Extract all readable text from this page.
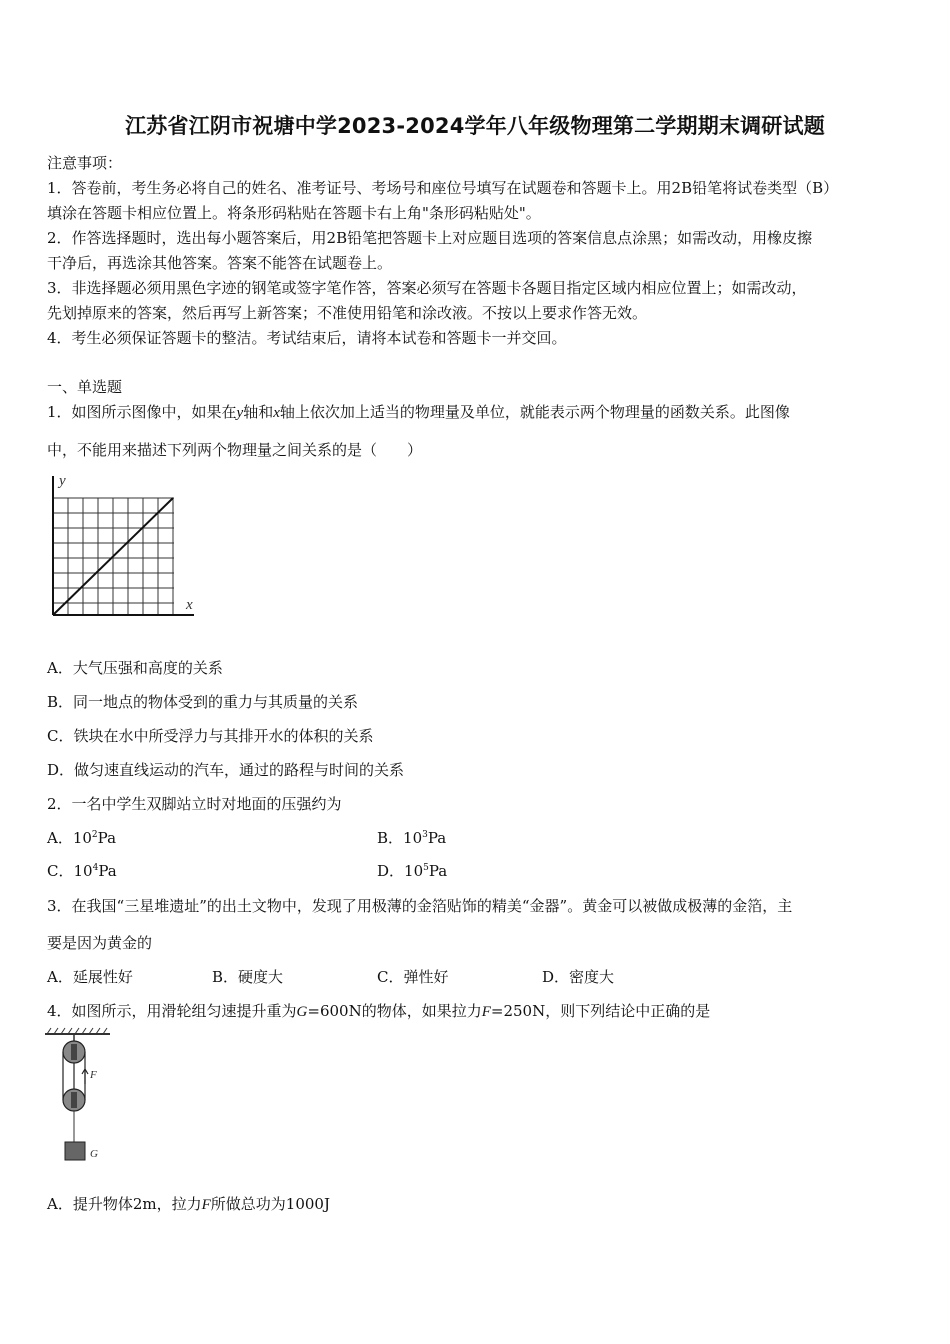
江苏省江阴市祝塘中学2023-2024学年八年级物理第二学期期末调研试题
注意事项：
1．答卷前，考生务必将自己的姓名、准考证号、考场号和座位号填写在试题卷和答题卡上。用2B铅笔将试卷类型（B）
填涂在答题卡相应位置上。将条形码粘贴在答题卡右上角"条形码粘贴处"。
2．作答选择题时，选出每小题答案后，用2B铅笔把答题卡上对应题目选项的答案信息点涂黑；如需改动，用橡皮擦
干净后，再选涂其他答案。答案不能答在试题卷上。
3．非选择题必须用黑色字迹的钢笔或签字笔作答，答案必须写在答题卡各题目指定区域内相应位置上；如需改动，
先划掉原来的答案，然后再写上新答案；不准使用铅笔和涂改液。不按以上要求作答无效。
4．考生必须保证答题卡的整洁。考试结束后，请将本试卷和答题卡一并交回。
一、单选题
1．如图所示图像中，如果在y轴和x轴上依次加上适当的物理量及单位，就能表示两个物理量的函数关系。此图像
中，不能用来描述下列两个物理量之间关系的是（　　）
y
x
A．大气压强和高度的关系
B．同一地点的物体受到的重力与其质量的关系
C．铁块在水中所受浮力与其排开水的体积的关系
D．做匀速直线运动的汽车，通过的路程与时间的关系
2．一名中学生双脚站立时对地面的压强约为
A．$10^2Pa$	B．$10^3Pa$
C．$10^4Pa$	D．$10^5Pa$
3．在我国“三星堆遗址”的出土文物中，发现了用极薄的金箔贴饰的精美“金器”。黄金可以被做成极薄的金箔，主
要是因为黄金的
A．延展性好	B．硬度大	C．弹性好	D．密度大
4．如图所示，用滑轮组匀速提升重为G=600N的物体，如果拉力F=250N，则下列结论中正确的是
F
G
A．提升物体2m，拉力F所做总功为1000J
